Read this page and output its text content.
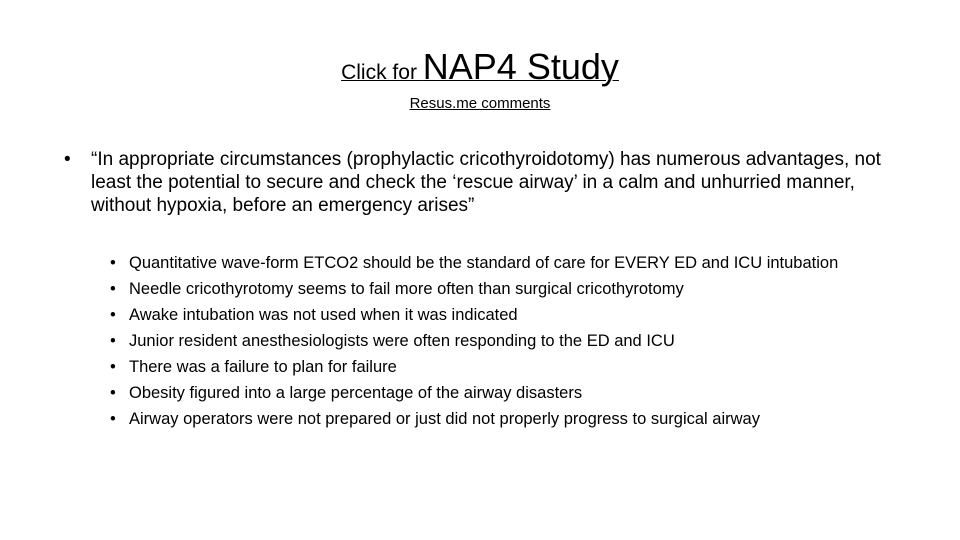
Click for NAP4 Study
Resus.me comments
•	“In appropriate circumstances (prophylactic cricothyroidotomy) has numerous advantages, not least the potential to secure and check the ‘rescue airway’ in a calm and unhurried manner, without hypoxia, before an emergency arises”
• Quantitative wave-form ETCO2 should be the standard of care for EVERY ED and ICU intubation
• Needle cricothyrotomy seems to fail more often than surgical cricothyrotomy
• Awake intubation was not used when it was indicated
• Junior resident anesthesiologists were often responding to the ED and ICU
• There was a failure to plan for failure
• Obesity figured into a large percentage of the airway disasters
• Airway operators were not prepared or just did not properly progress to surgical airway
